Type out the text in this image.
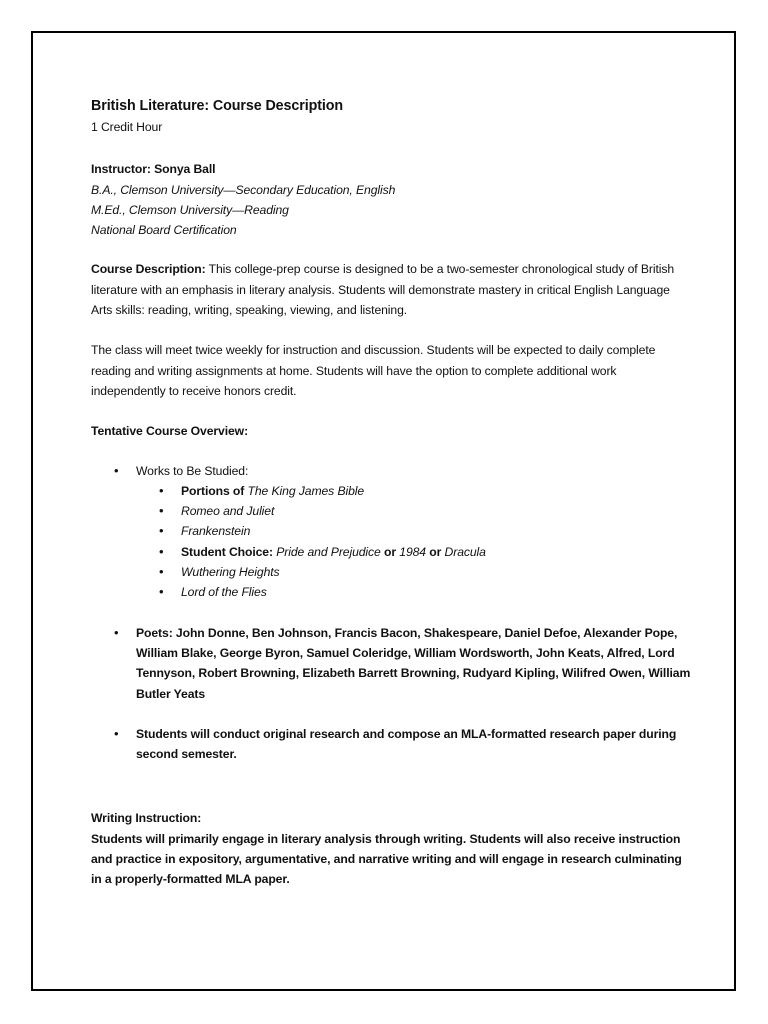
British Literature: Course Description

1 Credit Hour

Instructor: Sonya Ball

B.A., Clemson University—Secondary Education, English

M.Ed., Clemson University—Reading

National Board Certification

Course Description: This college-prep course is designed to be a two-semester chronological study of British literature with an emphasis in literary analysis. Students will demonstrate mastery in critical English Language Arts skills: reading, writing, speaking, viewing, and listening.

The class will meet twice weekly for instruction and discussion. Students will be expected to daily complete reading and writing assignments at home. Students will have the option to complete additional work independently to receive honors credit.

Tentative Course Overview:

• Works to Be Studied:
• Portions of The King James Bible
• Romeo and Juliet
• Frankenstein
• Student Choice: Pride and Prejudice or 1984 or Dracula
• Wuthering Heights
• Lord of the Flies
• Poets: John Donne, Ben Johnson, Francis Bacon, Shakespeare, Daniel Defoe, Alexander Pope, William Blake, George Byron, Samuel Coleridge, William Wordsworth, John Keats, Alfred, Lord Tennyson, Robert Browning, Elizabeth Barrett Browning, Rudyard Kipling, Wilifred Owen, William Butler Yeats
• Students will conduct original research and compose an MLA-formatted research paper during second semester.

Writing Instruction:

Students will primarily engage in literary analysis through writing. Students will also receive instruction and practice in expository, argumentative, and narrative writing and will engage in research culminating in a properly-formatted MLA paper.
